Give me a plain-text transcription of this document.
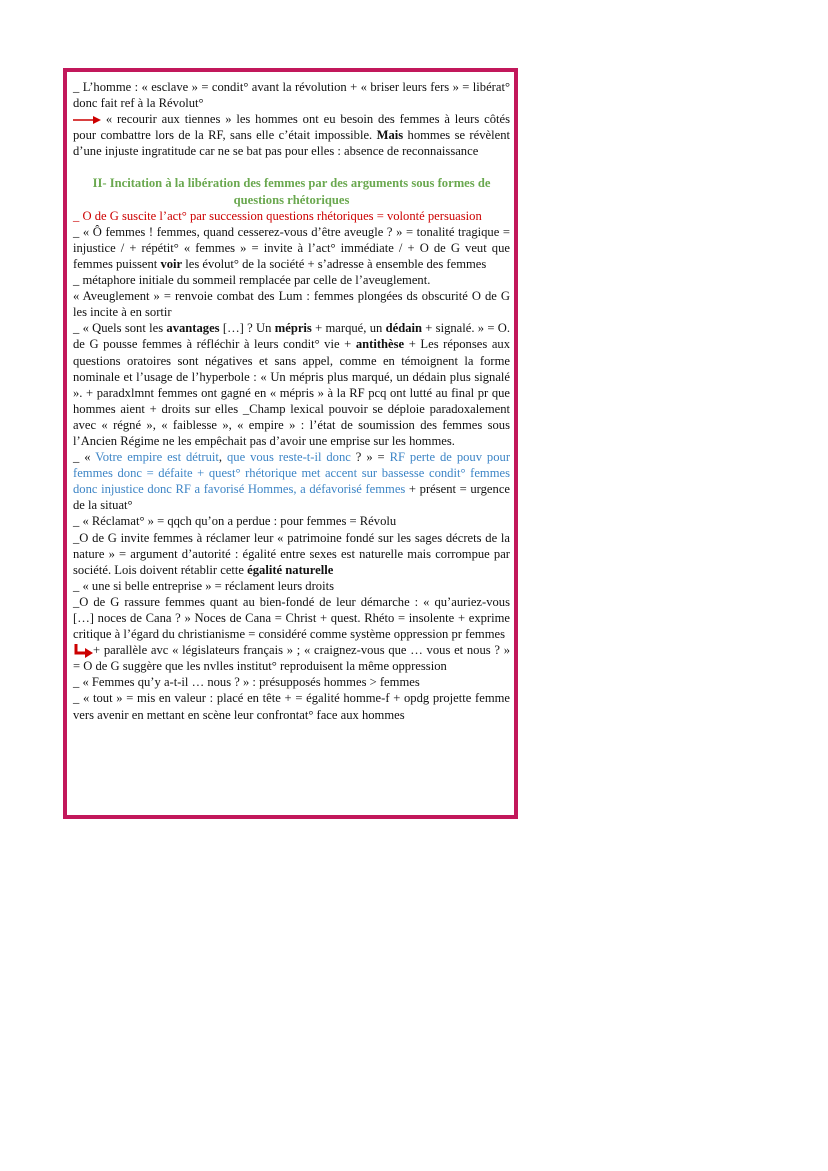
_ L’homme : « esclave » = condit° avant la révolution + « briser leurs fers » = libérat° donc fait ref à la Révolut°

« recourir aux tiennes » les hommes ont eu besoin des femmes à leurs côtés pour combattre lors de la RF, sans elle c’était impossible. Mais hommes se révèlent d’une injuste ingratitude car ne se bat pas pour elles : absence de reconnaissance

II- Incitation à la libération des femmes par des arguments sous formes de questions rhétoriques

_ O de G suscite l’act° par succession questions rhétoriques = volonté persuasion

_ « Ô femmes ! femmes, quand cesserez-vous d’être aveugle ? » = tonalité tragique = injustice / + répétit° « femmes » = invite à l’act° immédiate / + O de G veut que femmes puissent voir les évolut° de la société + s’adresse à ensemble des femmes

_ métaphore initiale du sommeil remplacée par celle de l’aveuglement.

« Aveuglement » = renvoie combat des Lum : femmes plongées ds obscurité O de G les incite à en sortir

_ « Quels sont les avantages […] ? Un mépris + marqué, un dédain + signalé. » = O. de G pousse femmes à réfléchir à leurs condit° vie + antithèse + Les réponses aux questions oratoires sont négatives et sans appel, comme en témoignent la forme nominale et l’usage de l’hyperbole : « Un mépris plus marqué, un dédain plus signalé ». + paradxlmnt femmes ont gagné en « mépris » à la RF pcq ont lutté au final pr que hommes aient + droits sur elles _Champ lexical pouvoir se déploie paradoxalement avec « régné », « faiblesse », « empire » : l’état de soumission des femmes sous l’Ancien Régime ne les empêchait pas d’avoir une emprise sur les hommes.

_ « Votre empire est détruit, que vous reste-t-il donc ? » = RF perte de pouv pour femmes donc = défaite + quest° rhétorique met accent sur bassesse condit° femmes donc injustice donc RF a favorisé Hommes, a défavorisé femmes + présent = urgence de la situat°

_ « Réclamat° » = qqch qu’on a perdue : pour femmes = Révolu

_O de G invite femmes à réclamer leur « patrimoine fondé sur les sages décrets de la nature » = argument d’autorité : égalité entre sexes est naturelle mais corrompue par société. Lois doivent rétablir cette égalité naturelle

_ « une si belle entreprise » = réclament leurs droits

_O de G rassure femmes quant au bien-fondé de leur démarche : « qu’auriez-vous […] noces de Cana ? » Noces de Cana = Christ + quest. Rhéto = insolente + exprime critique à l’égard du christianisme = considéré comme système oppression pr femmes

+ parallèle avc « législateurs français » ; « craignez-vous que … vous et nous ? » = O de G suggère que les nvlles institut° reproduisent la même oppression

_ « Femmes qu’y a-t-il … nous ? » : présupposés hommes > femmes

_ « tout » = mis en valeur : placé en tête + = égalité homme-f + opdg projette femme vers avenir en mettant en scène leur confrontat° face aux hommes
